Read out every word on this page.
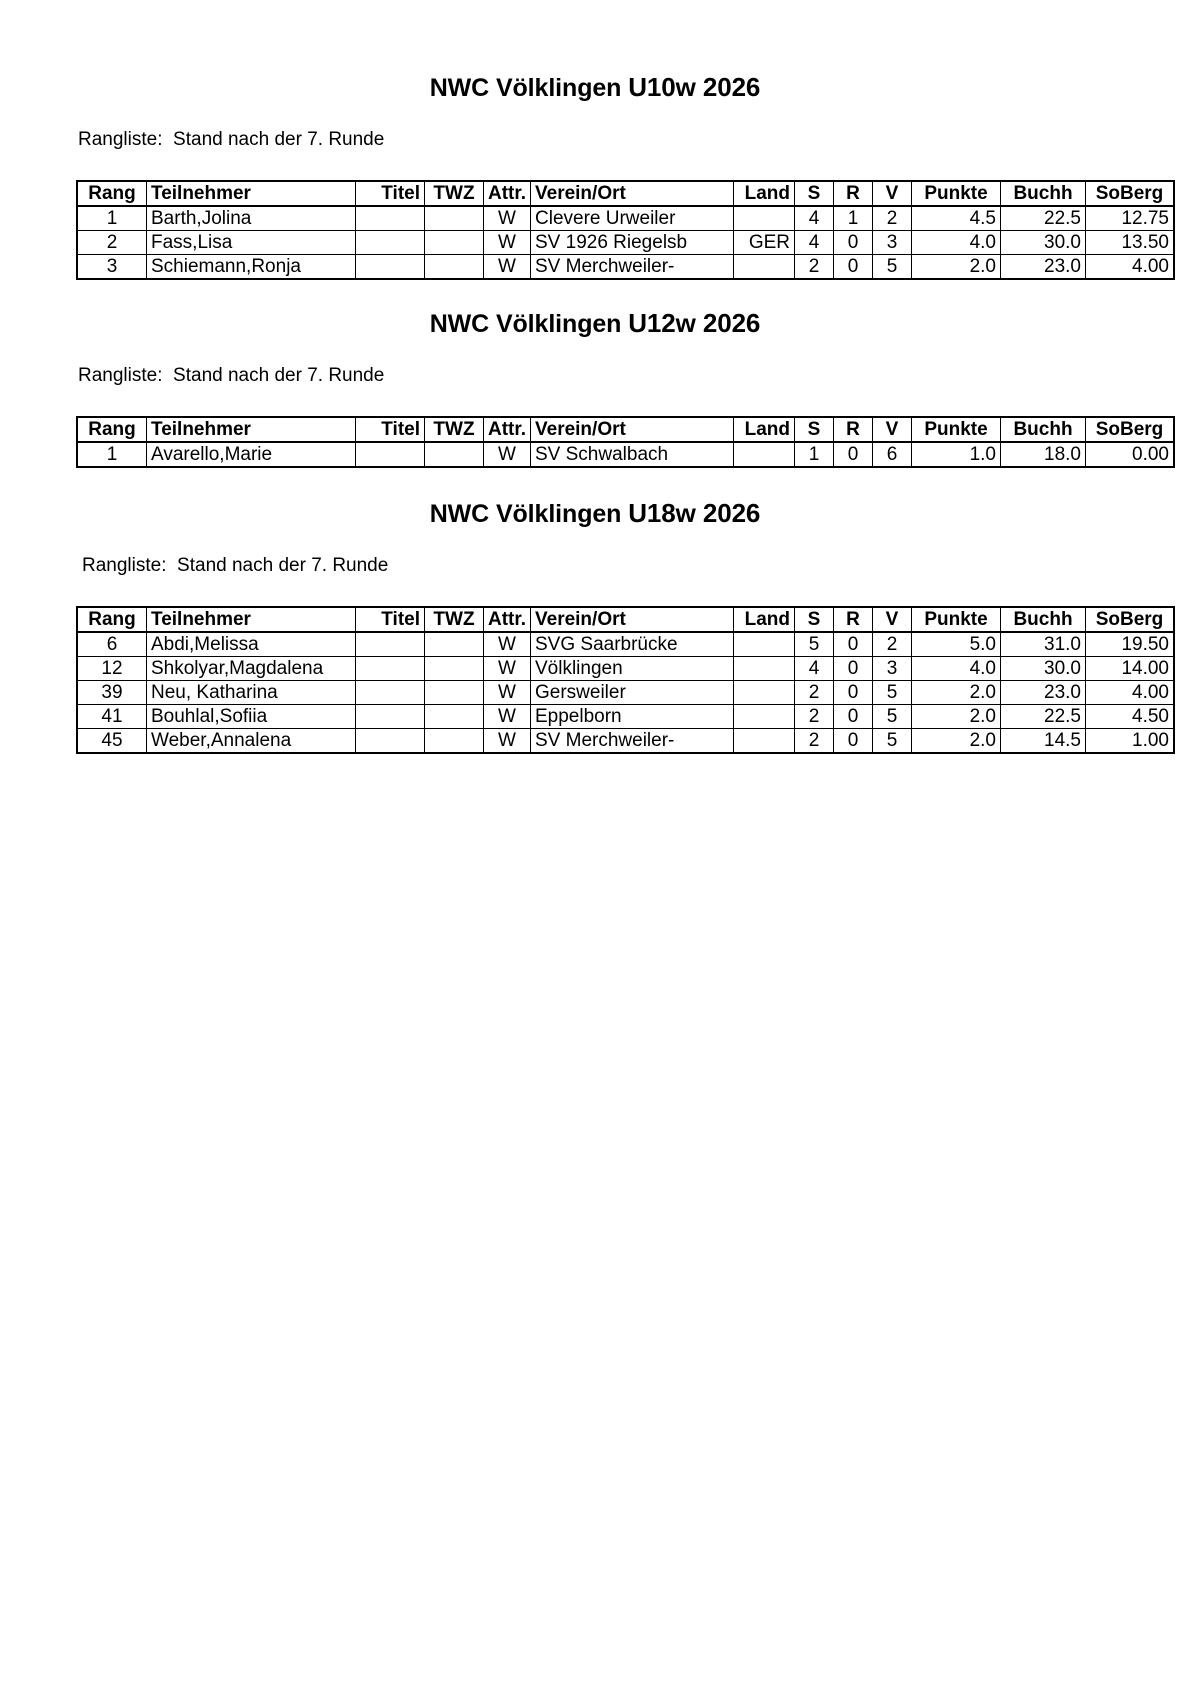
NWC Völklingen U10w 2026
Rangliste:  Stand nach der 7. Runde
Rang	Teilnehmer	Titel	TWZ	Attr.	Verein/Ort	Land	S	R	V	Punkte	Buchh	SoBerg
1	Barth,Jolina			W	Clevere Urweiler		4	1	2	4.5	22.5	12.75
2	Fass,Lisa			W	SV 1926 Riegelsb	GER	4	0	3	4.0	30.0	13.50
3	Schiemann,Ronja			W	SV Merchweiler-		2	0	5	2.0	23.0	4.00
NWC Völklingen U12w 2026
Rangliste:  Stand nach der 7. Runde
Rang	Teilnehmer	Titel	TWZ	Attr.	Verein/Ort	Land	S	R	V	Punkte	Buchh	SoBerg
1	Avarello,Marie			W	SV Schwalbach		1	0	6	1.0	18.0	0.00
NWC Völklingen U18w 2026
Rangliste:  Stand nach der 7. Runde
Rang	Teilnehmer	Titel	TWZ	Attr.	Verein/Ort	Land	S	R	V	Punkte	Buchh	SoBerg
6	Abdi,Melissa			W	SVG Saarbrücke		5	0	2	5.0	31.0	19.50
12	Shkolyar,Magdalena			W	Völklingen		4	0	3	4.0	30.0	14.00
39	Neu, Katharina			W	Gersweiler		2	0	5	2.0	23.0	4.00
41	Bouhlal,Sofiia			W	Eppelborn		2	0	5	2.0	22.5	4.50
45	Weber,Annalena			W	SV Merchweiler-		2	0	5	2.0	14.5	1.00
